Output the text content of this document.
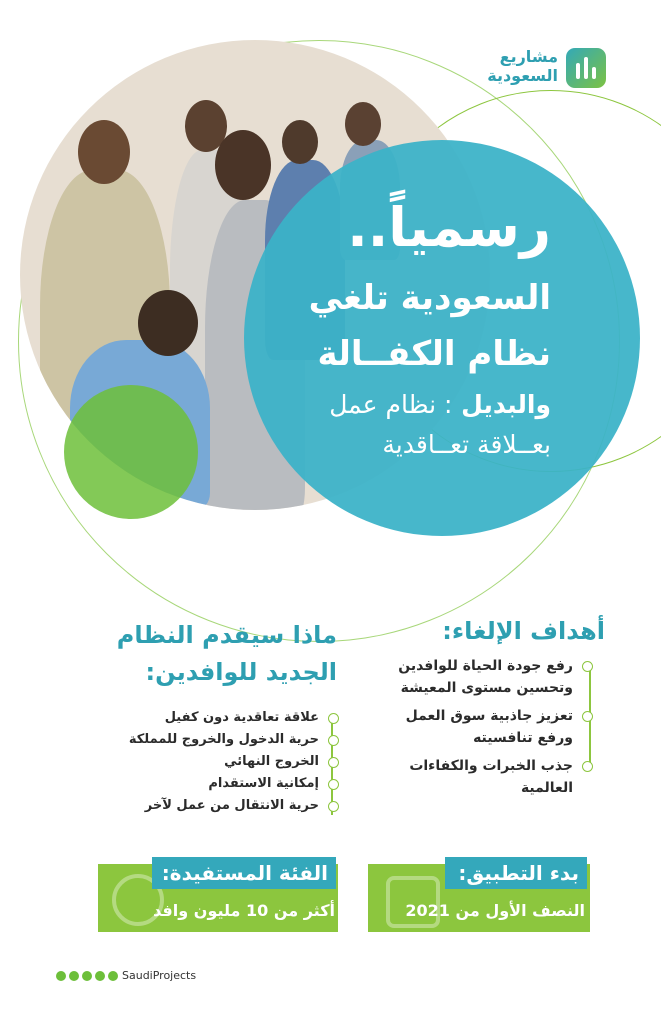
رسمياً..
السعودية تلغي
نظام الكفــالة
والبديل : نظام عمل
بعــلاقة تعــاقدية
مشاريع
السعودية
أهداف الإلغاء:
رفع جودة الحياة للوافدين
وتحسين مستوى المعيشة
تعزيز جاذبية سوق العمل
ورفع تنافسيته
جذب الخبرات والكفاءات
العالمية
ماذا سيقدم النظام
الجديد للوافدين:
علاقة تعاقدية دون كفيل
حرية الدخول والخروج للمملكة
الخروج النهائي
إمكانية الاستقدام
حرية الانتقال من عمل لآخر
بدء التطبيق:
النصف الأول من 2021
الفئة المستفيدة:
أكثر من 10 مليون وافد
SaudiProjects
